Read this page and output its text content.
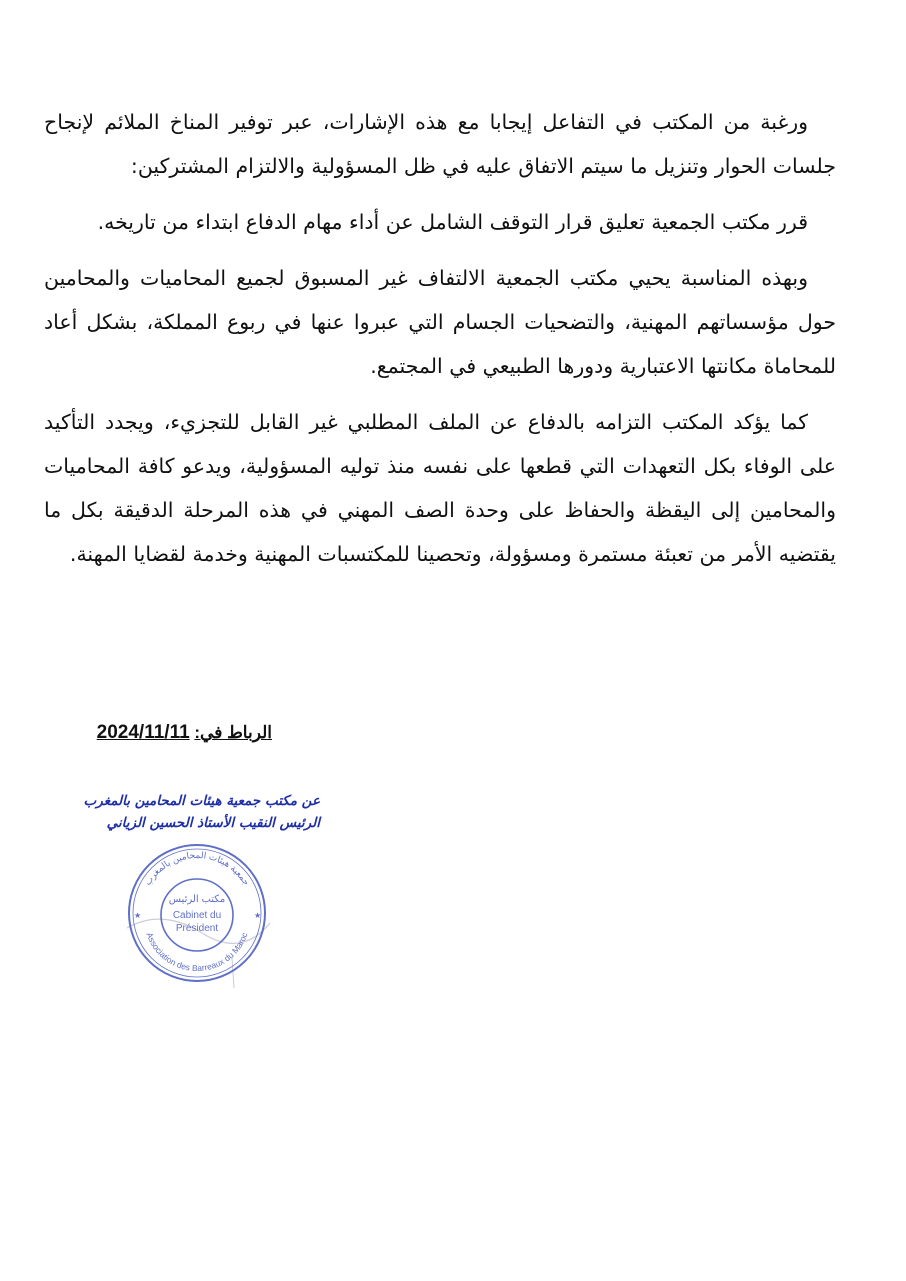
ورغبة من المكتب في التفاعل إيجابا مع هذه الإشارات، عبر توفير المناخ الملائم لإنجاح جلسات الحوار وتنزيل ما سيتم الاتفاق عليه في ظل المسؤولية والالتزام المشتركين:

قرر مكتب الجمعية تعليق قرار التوقف الشامل عن أداء مهام الدفاع ابتداء من تاريخه.

وبهذه المناسبة يحيي مكتب الجمعية الالتفاف غير المسبوق لجميع المحاميات والمحامين حول مؤسساتهم المهنية، والتضحيات الجسام التي عبروا عنها في ربوع المملكة، بشكل أعاد للمحاماة مكانتها الاعتبارية ودورها الطبيعي في المجتمع.

كما يؤكد المكتب التزامه بالدفاع عن الملف المطلبي غير القابل للتجزيء، ويجدد التأكيد على الوفاء بكل التعهدات التي قطعها على نفسه منذ توليه المسؤولية، ويدعو كافة المحاميات والمحامين إلى اليقظة والحفاظ على وحدة الصف المهني في هذه المرحلة الدقيقة بكل ما يقتضيه الأمر من تعبئة مستمرة ومسؤولة، وتحصينا للمكتسبات المهنية وخدمة لقضايا المهنة.

الرباط في: 2024/11/11
عن مكتب جمعية هيئات المحامين بالمغرب
الرئيس النقيب الأستاذ الحسين الزياني
جمعية هيئات المحامين بالمغرب
Association des Barreaux du Maroc
مكتب الرئيس
Cabinet du
Président
★	★
